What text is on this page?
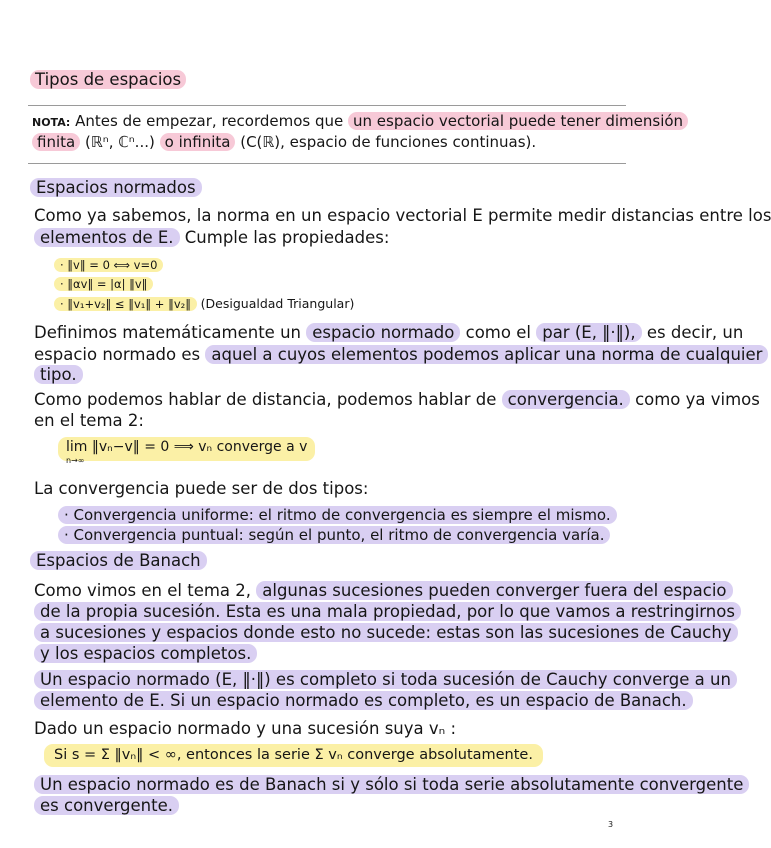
Tipos de espacios
NOTA: Antes de empezar, recordemos que un espacio vectorial puede tener dimensión
finita (ℝⁿ, ℂⁿ...) o infinita (C(ℝ), espacio de funciones continuas).
Espacios normados
Como ya sabemos, la norma en un espacio vectorial E permite medir distancias entre los
elementos de E. Cumple las propiedades:
· ‖v‖ = 0 ⟺ v=0
· ‖αv‖ = |α| ‖v‖
· ‖v₁+v₂‖ ≤ ‖v₁‖ + ‖v₂‖ (Desigualdad Triangular)
Definimos matemáticamente un espacio normado como el par (E, ‖·‖), es decir, un
espacio normado es aquel a cuyos elementos podemos aplicar una norma de cualquier
tipo.
Como podemos hablar de distancia, podemos hablar de convergencia. como ya vimos
en el tema 2:
lim ‖vₙ−v‖ = 0 ⟹ vₙ converge a v
n→∞
La convergencia puede ser de dos tipos:
· Convergencia uniforme: el ritmo de convergencia es siempre el mismo.
· Convergencia puntual: según el punto, el ritmo de convergencia varía.
Espacios de Banach
Como vimos en el tema 2, algunas sucesiones pueden converger fuera del espacio
de la propia sucesión. Esta es una mala propiedad, por lo que vamos a restringirnos
a sucesiones y espacios donde esto no sucede: estas son las sucesiones de Cauchy
y los espacios completos.
Un espacio normado (E, ‖·‖) es completo si toda sucesión de Cauchy converge a un
elemento de E. Si un espacio normado es completo, es un espacio de Banach.
Dado un espacio normado y una sucesión suya vₙ :
Si s = Σ ‖vₙ‖ < ∞, entonces la serie Σ vₙ converge absolutamente.
Un espacio normado es de Banach si y sólo si toda serie absolutamente convergente
es convergente.
3
